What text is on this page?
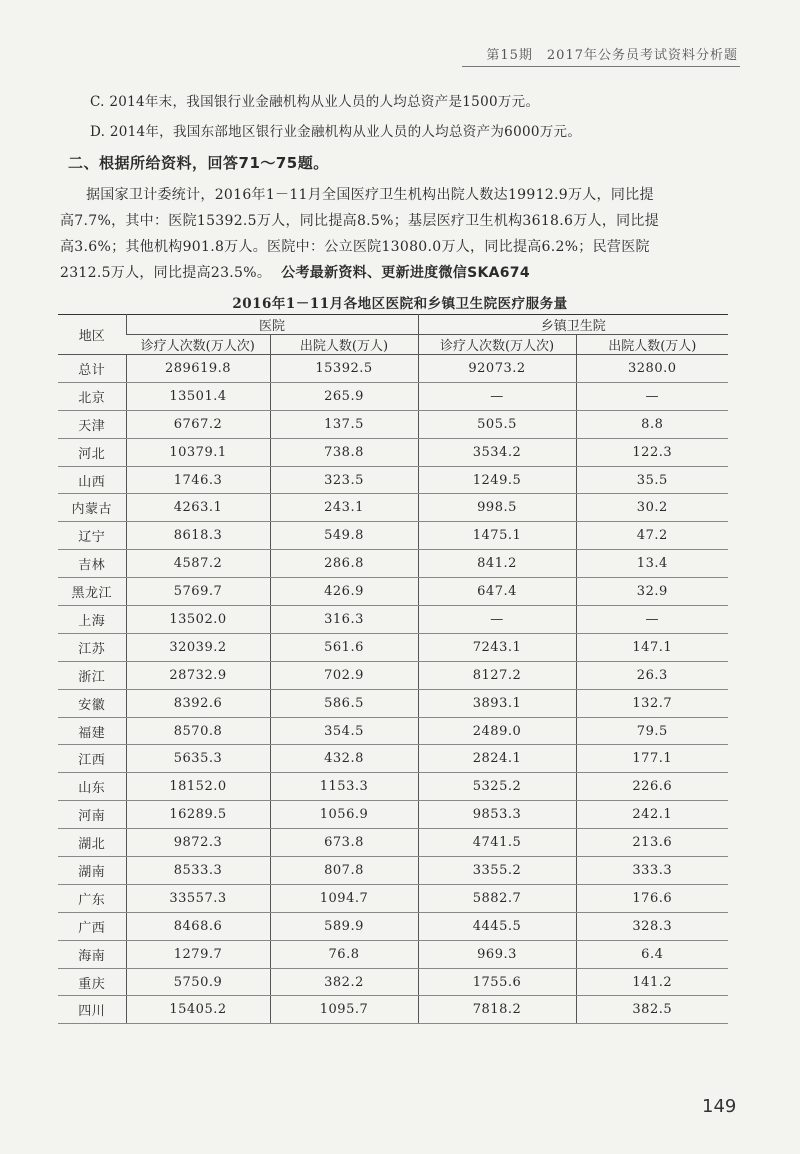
第15期　2017年公务员考试资料分析题
C. 2014年末，我国银行业金融机构从业人员的人均总资产是1500万元。
D. 2014年，我国东部地区银行业金融机构从业人员的人均总资产为6000万元。
二、根据所给资料，回答71～75题。
据国家卫计委统计，2016年1－11月全国医疗卫生机构出院人数达19912.9万人，同比提
高7.7%，其中：医院15392.5万人，同比提高8.5%；基层医疗卫生机构3618.6万人，同比提
高3.6%；其他机构901.8万人。医院中：公立医院13080.0万人，同比提高6.2%；民营医院
2312.5万人，同比提高23.5%。 公考最新资料、更新进度微信SKA674
2016年1－11月各地区医院和乡镇卫生院医疗服务量
地区	医院		乡镇卫生院	
	诊疗人次数(万人次)	出院人数(万人)	诊疗人次数(万人次)	出院人数(万人)
总计	289619.8	15392.5	92073.2	3280.0
北京	13501.4	265.9	—	—
天津	6767.2	137.5	505.5	8.8
河北	10379.1	738.8	3534.2	122.3
山西	1746.3	323.5	1249.5	35.5
内蒙古	4263.1	243.1	998.5	30.2
辽宁	8618.3	549.8	1475.1	47.2
吉林	4587.2	286.8	841.2	13.4
黑龙江	5769.7	426.9	647.4	32.9
上海	13502.0	316.3	—	—
江苏	32039.2	561.6	7243.1	147.1
浙江	28732.9	702.9	8127.2	26.3
安徽	8392.6	586.5	3893.1	132.7
福建	8570.8	354.5	2489.0	79.5
江西	5635.3	432.8	2824.1	177.1
山东	18152.0	1153.3	5325.2	226.6
河南	16289.5	1056.9	9853.3	242.1
湖北	9872.3	673.8	4741.5	213.6
湖南	8533.3	807.8	3355.2	333.3
广东	33557.3	1094.7	5882.7	176.6
广西	8468.6	589.9	4445.5	328.3
海南	1279.7	76.8	969.3	6.4
重庆	5750.9	382.2	1755.6	141.2
四川	15405.2	1095.7	7818.2	382.5
149
